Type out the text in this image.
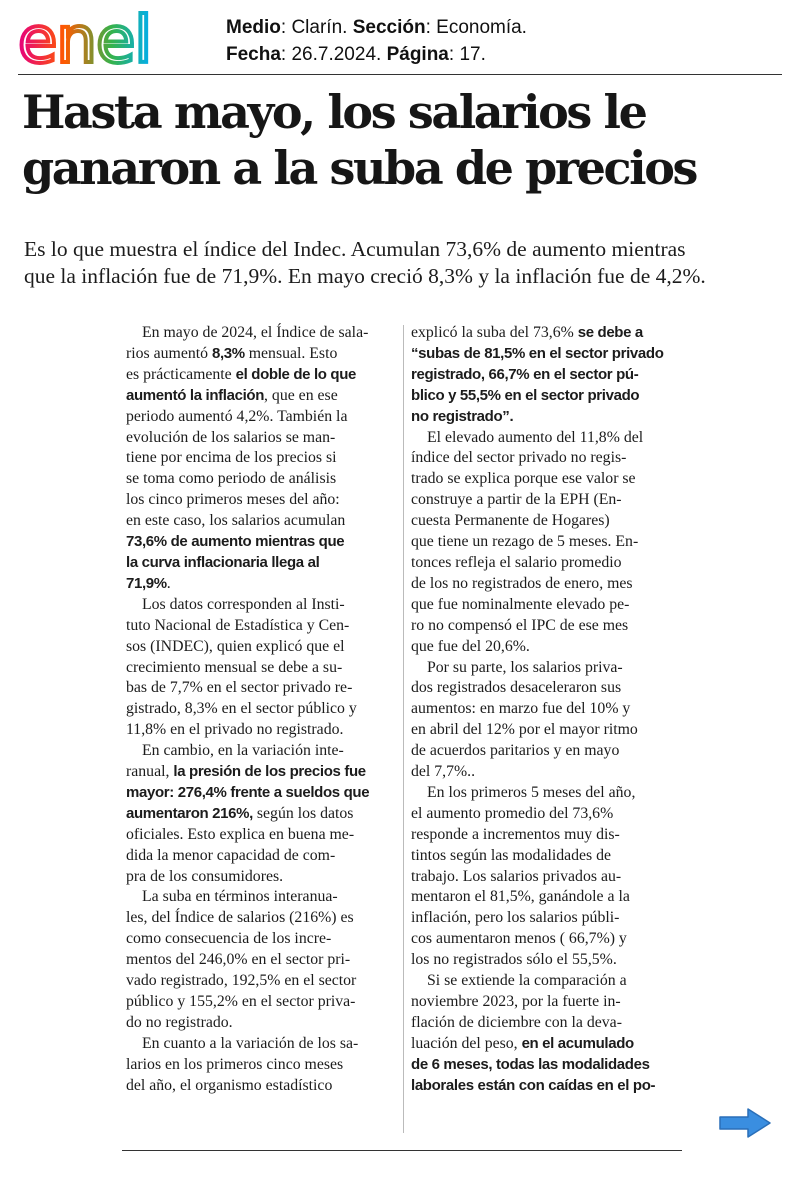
enel	Medio: Clarín. Sección: Economía.
Fecha: 26.7.2024. Página: 17.
Hasta mayo, los salarios le
ganaron a la suba de precios
Es lo que muestra el índice del Indec. Acumulan 73,6% de aumento mientras
que la inflación fue de 71,9%. En mayo creció 8,3% y la inflación fue de 4,2%.
En mayo de 2024, el Índice de sala-
rios aumentó 8,3% mensual. Esto
es prácticamente el doble de lo que
aumentó la inflación, que en ese
periodo aumentó 4,2%. También la
evolución de los salarios se man-
tiene por encima de los precios si
se toma como periodo de análisis
los cinco primeros meses del año:
en este caso, los salarios acumulan
73,6% de aumento mientras que
la curva inflacionaria llega al
71,9%.
Los datos corresponden al Insti-
tuto Nacional de Estadística y Cen-
sos (INDEC), quien explicó que el
crecimiento mensual se debe a su-
bas de 7,7% en el sector privado re-
gistrado, 8,3% en el sector público y
11,8% en el privado no registrado.
En cambio, en la variación inte-
ranual, la presión de los precios fue
mayor: 276,4% frente a sueldos que
aumentaron 216%, según los datos
oficiales. Esto explica en buena me-
dida la menor capacidad de com-
pra de los consumidores.
La suba en términos interanua-
les, del Índice de salarios (216%) es
como consecuencia de los incre-
mentos del 246,0% en el sector pri-
vado registrado, 192,5% en el sector
público y 155,2% en el sector priva-
do no registrado.
En cuanto a la variación de los sa-
larios en los primeros cinco meses
del año, el organismo estadístico
explicó la suba del 73,6% se debe a
“subas de 81,5% en el sector privado
registrado, 66,7% en el sector pú-
blico y 55,5% en el sector privado
no registrado”.
El elevado aumento del 11,8% del
índice del sector privado no regis-
trado se explica porque ese valor se
construye a partir de la EPH (En-
cuesta Permanente de Hogares)
que tiene un rezago de 5 meses. En-
tonces refleja el salario promedio
de los no registrados de enero, mes
que fue nominalmente elevado pe-
ro no compensó el IPC de ese mes
que fue del 20,6%.
Por su parte, los salarios priva-
dos registrados desaceleraron sus
aumentos: en marzo fue del 10% y
en abril del 12% por el mayor ritmo
de acuerdos paritarios y en mayo
del 7,7%..
En los primeros 5 meses del año,
el aumento promedio del 73,6%
responde a incrementos muy dis-
tintos según las modalidades de
trabajo. Los salarios privados au-
mentaron el 81,5%, ganándole a la
inflación, pero los salarios públi-
cos aumentaron menos ( 66,7%) y
los no registrados sólo el 55,5%.
Si se extiende la comparación a
noviembre 2023, por la fuerte in-
flación de diciembre con la deva-
luación del peso, en el acumulado
de 6 meses, todas las modalidades
laborales están con caídas en el po-
